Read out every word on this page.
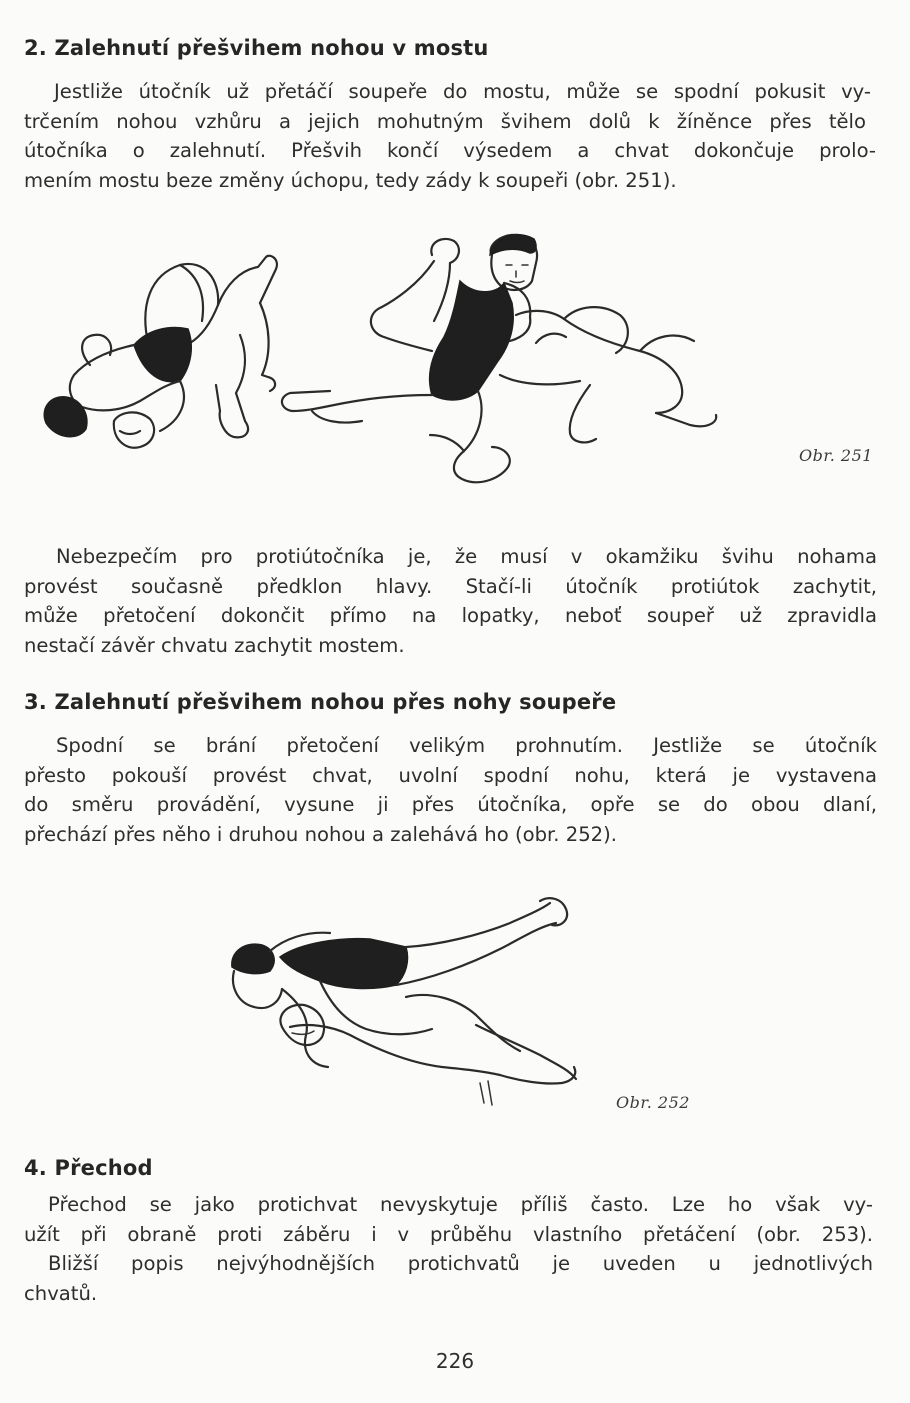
2. Zalehnutí přešvihem nohou v mostu
Jestliže útočník už přetáčí soupeře do mostu, může se spodní pokusit vy-
trčením nohou vzhůru a jejich mohutným švihem dolů k žíněnce přes tělo
útočníka o zalehnutí. Přešvih končí výsedem a chvat dokončuje prolo-
mením mostu beze změny úchopu, tedy zády k soupeři (obr. 251).
Obr. 251
Nebezpečím pro protiútočníka je, že musí v okamžiku švihu nohama
provést současně předklon hlavy. Stačí-li útočník protiútok zachytit,
může přetočení dokončit přímo na lopatky, neboť soupeř už zpravidla
nestačí závěr chvatu zachytit mostem.
3. Zalehnutí přešvihem nohou přes nohy soupeře
Spodní se brání přetočení velikým prohnutím. Jestliže se útočník
přesto pokouší provést chvat, uvolní spodní nohu, která je vystavena
do směru provádění, vysune ji přes útočníka, opře se do obou dlaní,
přechází přes něho i druhou nohou a zalehává ho (obr. 252).
Obr. 252
4. Přechod
Přechod se jako protichvat nevyskytuje příliš často. Lze ho však vy-
užít při obraně proti záběru i v průběhu vlastního přetáčení (obr. 253).
Bližší popis nejvýhodnějších protichvatů je uveden u jednotlivých
chvatů.
226
